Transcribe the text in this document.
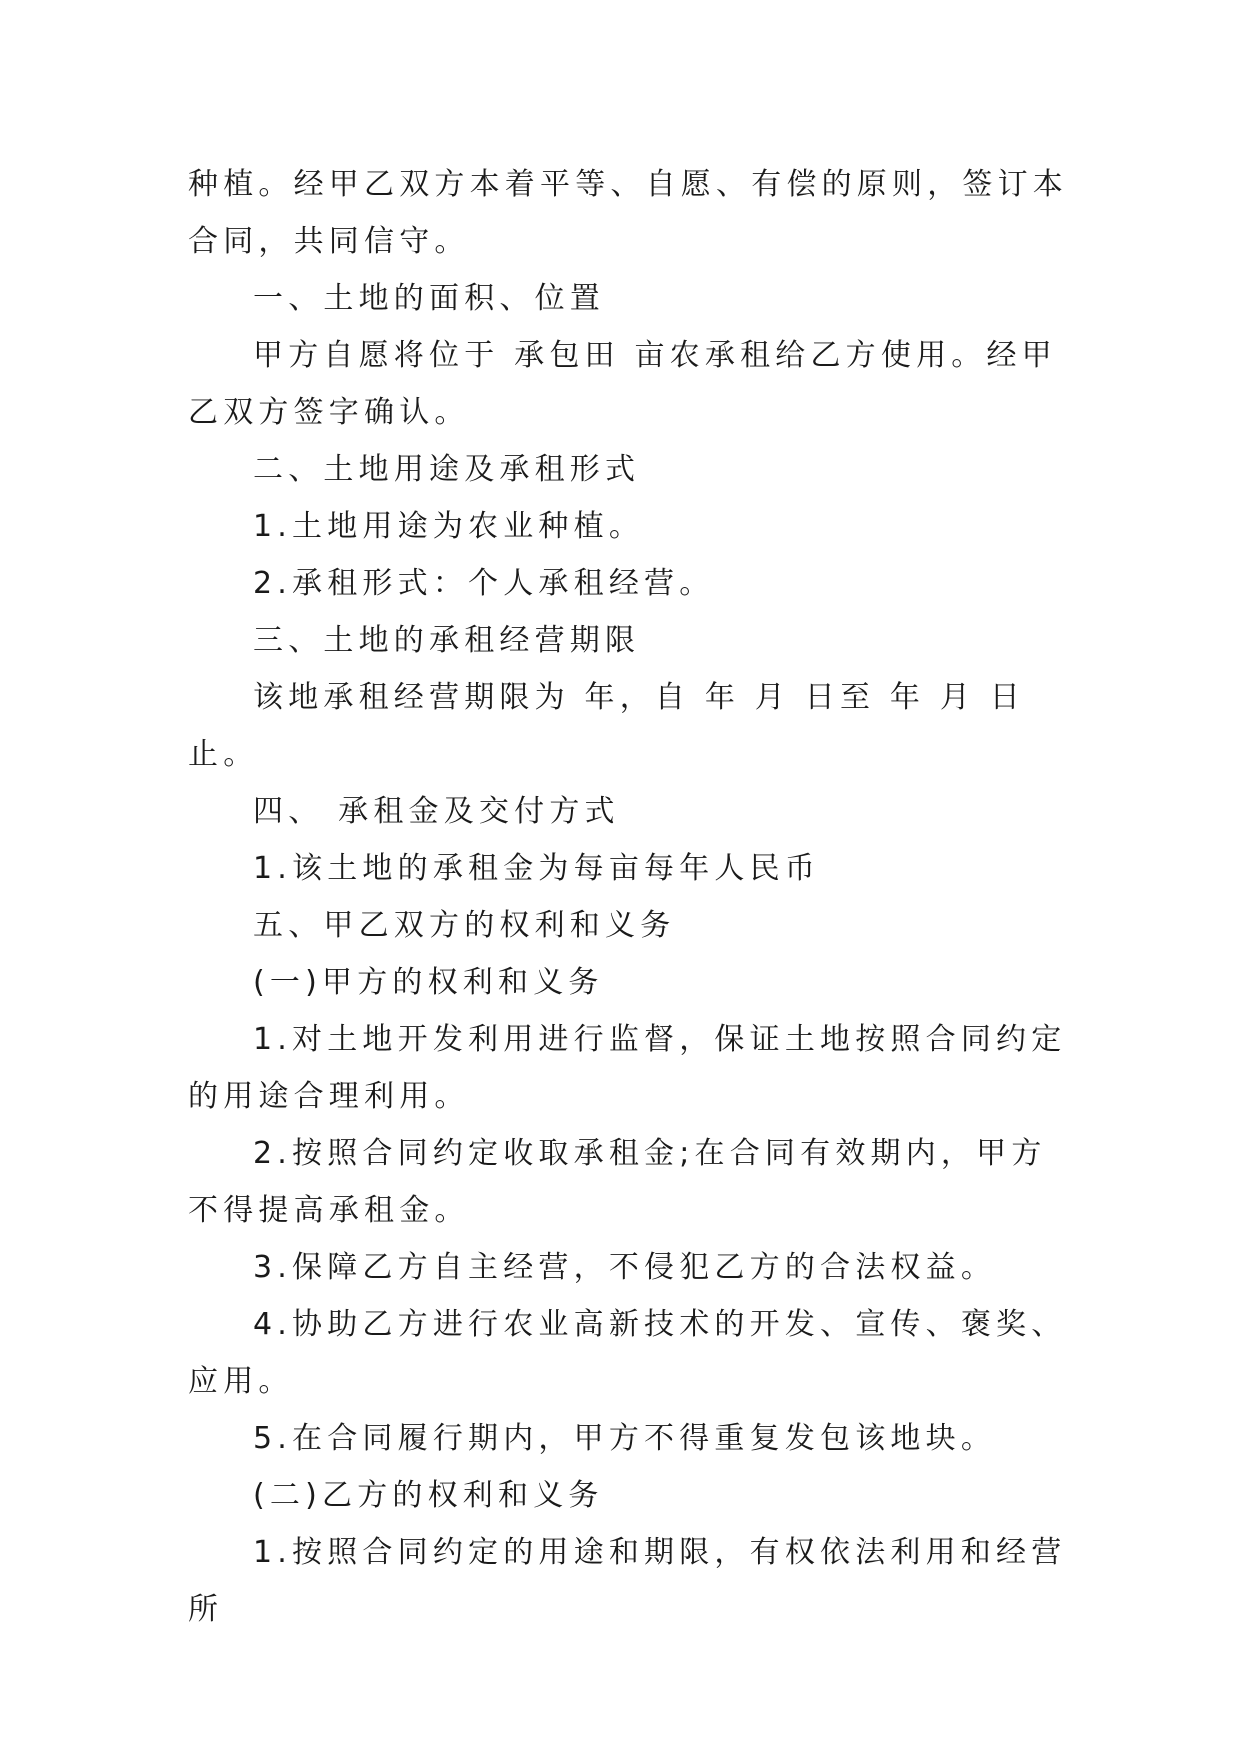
种植。经甲乙双方本着平等、自愿、有偿的原则，签订本合同，共同信守。

一、土地的面积、位置

甲方自愿将位于 承包田 亩农承租给乙方使用。经甲乙双方签字确认。

二、土地用途及承租形式

1.土地用途为农业种植。

2.承租形式：个人承租经营。

三、土地的承租经营期限

该地承租经营期限为 年，自 年 月 日至 年 月 日止。

四、 承租金及交付方式

1.该土地的承租金为每亩每年人民币

五、甲乙双方的权利和义务

(一)甲方的权利和义务

1.对土地开发利用进行监督，保证土地按照合同约定的用途合理利用。

2.按照合同约定收取承租金;在合同有效期内，甲方不得提高承租金。

3.保障乙方自主经营，不侵犯乙方的合法权益。

4.协助乙方进行农业高新技术的开发、宣传、褒奖、应用。

5.在合同履行期内，甲方不得重复发包该地块。

(二)乙方的权利和义务

1.按照合同约定的用途和期限，有权依法利用和经营所
